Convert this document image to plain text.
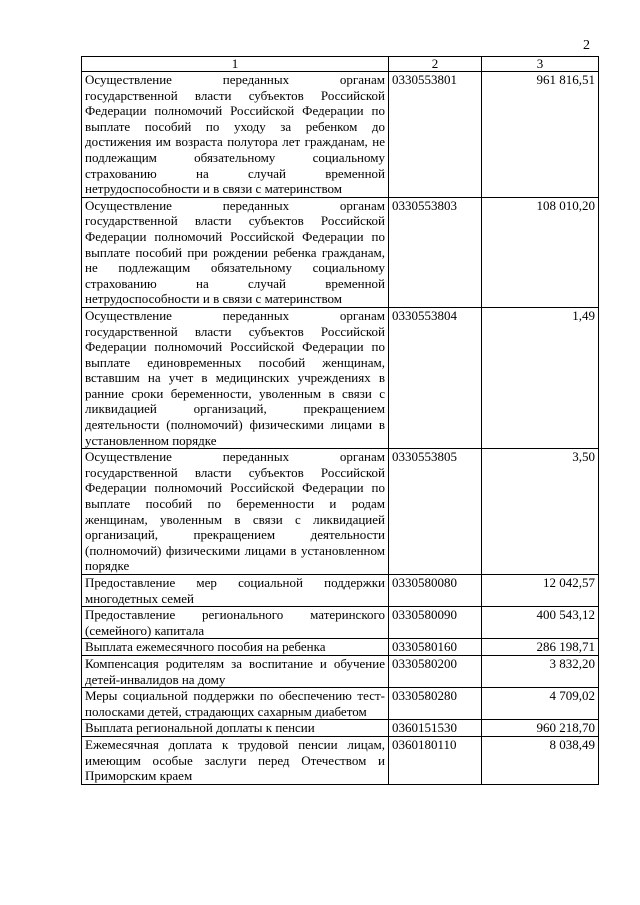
2
1	2	3
Осуществление переданных органам государственной власти субъектов Российской Федерации полномочий Российской Федерации по выплате пособий по уходу за ребенком до достижения им возраста полутора лет гражданам, не подлежащим обязательному социальному страхованию на случай временной нетрудоспособности и в связи с материнством	0330553801	961 816,51
Осуществление переданных органам государственной власти субъектов Российской Федерации полномочий Российской Федерации по выплате пособий при рождении ребенка гражданам, не подлежащим обязательному социальному страхованию на случай временной нетрудоспособности и в связи с материнством	0330553803	108 010,20
Осуществление переданных органам государственной власти субъектов Российской Федерации полномочий Российской Федерации по выплате единовременных пособий женщинам, вставшим на учет в медицинских учреждениях в ранние сроки беременности, уволенным в связи с ликвидацией организаций, прекращением деятельности (полномочий) физическими лицами в установленном порядке	0330553804	1,49
Осуществление переданных органам государственной власти субъектов Российской Федерации полномочий Российской Федерации по выплате пособий по беременности и родам женщинам, уволенным в связи с ликвидацией организаций, прекращением деятельности (полномочий) физическими лицами в установленном порядке	0330553805	3,50
Предоставление мер социальной поддержки многодетных семей	0330580080	12 042,57
Предоставление регионального материнского (семейного) капитала	0330580090	400 543,12
Выплата ежемесячного пособия на ребенка	0330580160	286 198,71
Компенсация родителям за воспитание и обучение детей-инвалидов на дому	0330580200	3 832,20
Меры социальной поддержки по обеспечению тест-полосками детей, страдающих сахарным диабетом	0330580280	4 709,02
Выплата региональной доплаты к пенсии	0360151530	960 218,70
Ежемесячная доплата к трудовой пенсии лицам, имеющим особые заслуги перед Отечеством и Приморским краем	0360180110	8 038,49
